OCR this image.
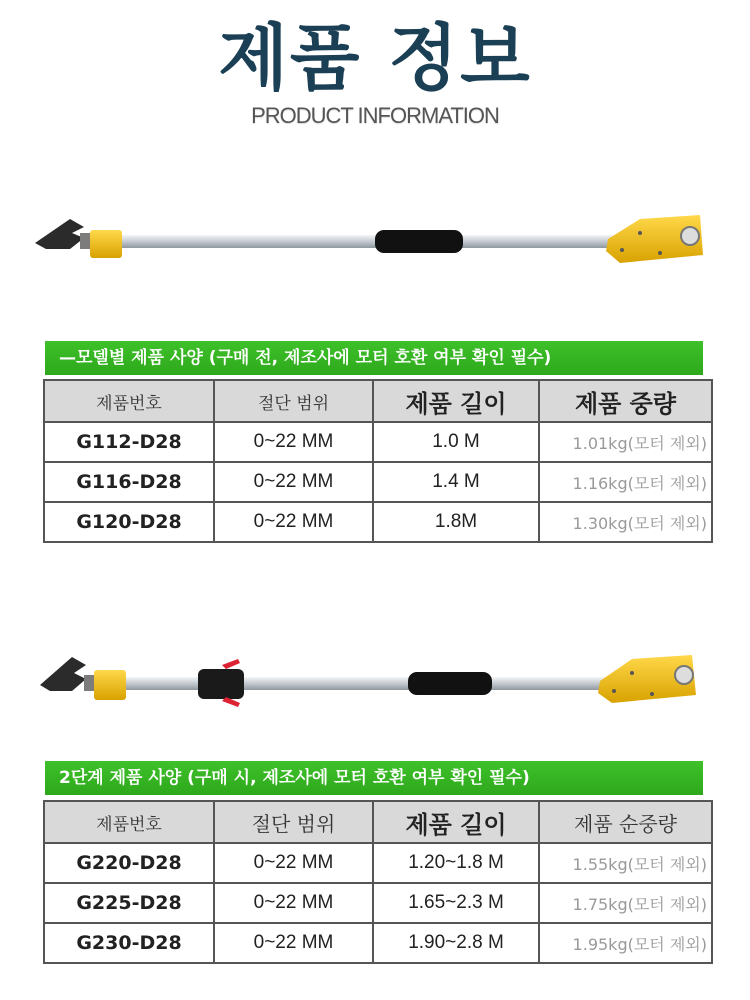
제품 정보
PRODUCT INFORMATION
—모델별 제품 사양 (구매 전, 제조사에 모터 호환 여부 확인 필수)
제품번호	절단 범위	제품 길이	제품 중량
G112-D28	0~22 MM	1.0 M	1.01kg(모터 제외)
G116-D28	0~22 MM	1.4 M	1.16kg(모터 제외)
G120-D28	0~22 MM	1.8M	1.30kg(모터 제외)
2단계 제품 사양 (구매 시, 제조사에 모터 호환 여부 확인 필수)
제품번호	절단 범위	제품 길이	제품 순중량
G220-D28	0~22 MM	1.20~1.8 M	1.55kg(모터 제외)
G225-D28	0~22 MM	1.65~2.3 M	1.75kg(모터 제외)
G230-D28	0~22 MM	1.90~2.8 M	1.95kg(모터 제외)
